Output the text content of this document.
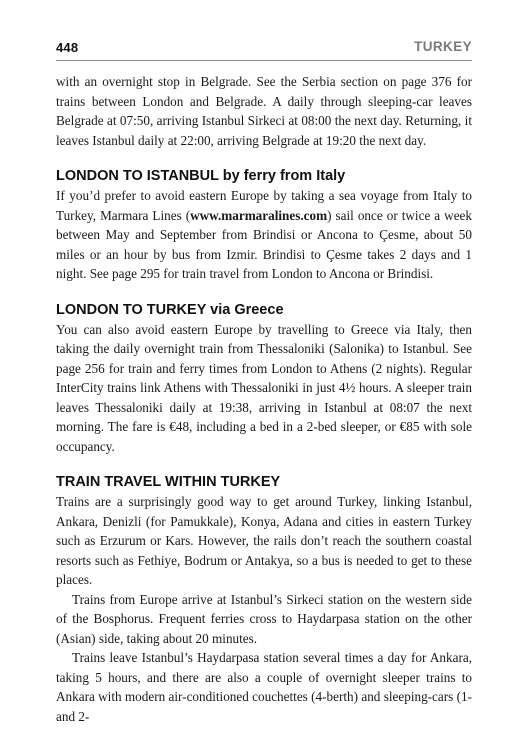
448	TURKEY

with an overnight stop in Belgrade. See the Serbia section on page 376 for trains between London and Belgrade. A daily through sleeping-car leaves Belgrade at 07:50, arriving Istanbul Sirkeci at 08:00 the next day. Returning, it leaves Istanbul daily at 22:00, arriving Belgrade at 19:20 the next day.

LONDON TO ISTANBUL by ferry from Italy

If you’d prefer to avoid eastern Europe by taking a sea voyage from Italy to Turkey, Marmara Lines (www.marmaralines.com) sail once or twice a week between May and September from Brindisi or Ancona to Çesme, about 50 miles or an hour by bus from Izmir. Brindisi to Çesme takes 2 days and 1 night. See page 295 for train travel from London to Ancona or Brindisi.

LONDON TO TURKEY via Greece

You can also avoid eastern Europe by travelling to Greece via Italy, then taking the daily overnight train from Thessaloniki (Salonika) to Istanbul. See page 256 for train and ferry times from London to Athens (2 nights). Regular InterCity trains link Athens with Thessaloniki in just 4½ hours. A sleeper train leaves Thessaloniki daily at 19:38, arriving in Istanbul at 08:07 the next morning. The fare is €48, including a bed in a 2-bed sleeper, or €85 with sole occupancy.

TRAIN TRAVEL WITHIN TURKEY

Trains are a surprisingly good way to get around Turkey, linking Istanbul, Ankara, Denizli (for Pamukkale), Konya, Adana and cities in eastern Turkey such as Erzurum or Kars. However, the rails don’t reach the southern coastal resorts such as Fethiye, Bodrum or Antakya, so a bus is needed to get to these places.

Trains from Europe arrive at Istanbul’s Sirkeci station on the western side of the Bosphorus. Frequent ferries cross to Haydarpasa station on the other (Asian) side, taking about 20 minutes.

Trains leave Istanbul’s Haydarpasa station several times a day for Ankara, taking 5 hours, and there are also a couple of overnight sleeper trains to Ankara with modern air-conditioned couchettes (4-berth) and sleeping-cars (1- and 2-
